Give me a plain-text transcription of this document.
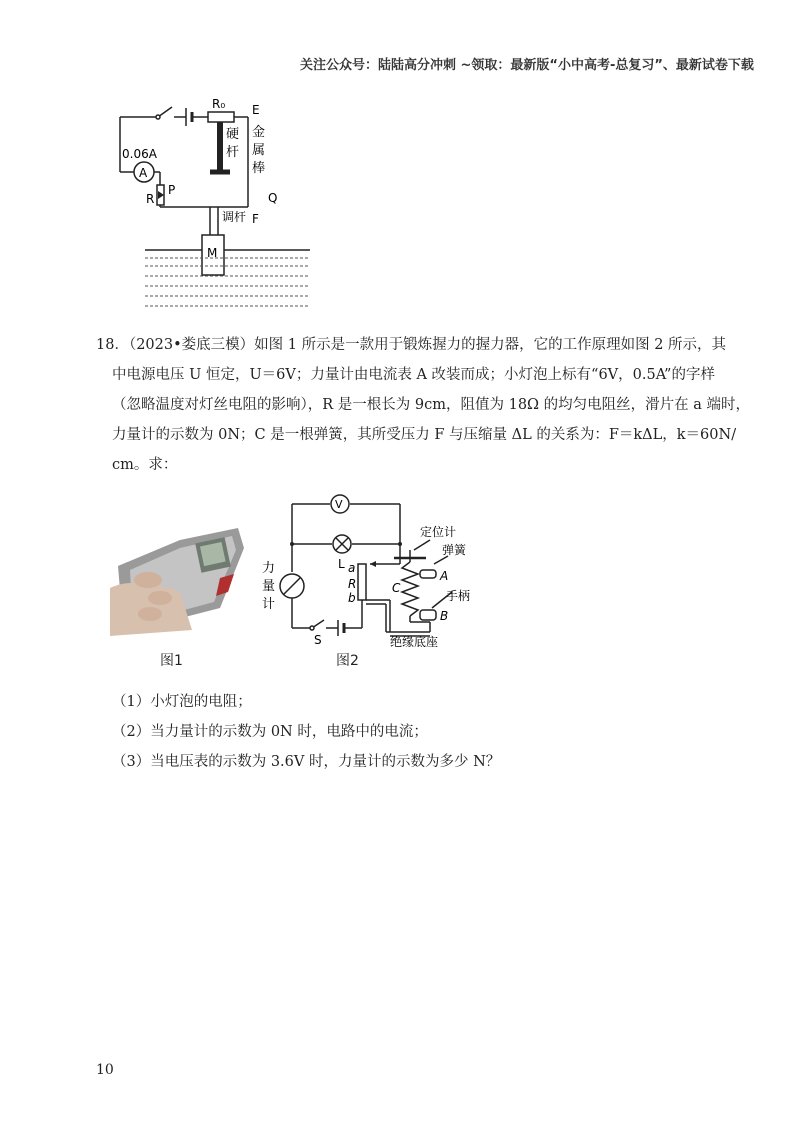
关注公众号：陆陆高分冲刺 ~领取：最新版“小中高考-总复习”、最新试卷下载
R₀ E
金
属
棒
硬
杆
0.06A
A
P
R	Q
F
调杆
M
18．（2023•娄底三模）如图 1 所示是一款用于锻炼握力的握力器，它的工作原理如图 2 所示，其
中电源电压 U 恒定，U＝6V；力量计由电流表 A 改装而成；小灯泡上标有“6V，0.5A”的字样
（忽略温度对灯丝电阻的影响），R 是一根长为 9cm，阻值为 18Ω 的均匀电阻丝，滑片在 a 端时，
力量计的示数为 0N；C 是一根弹簧，其所受压力 F 与压缩量 ΔL 的关系为：F＝kΔL，k＝60N/
cm。求：
图1
V
L
力
量
计
S
a
R
b
C
定位计
弹簧
A
手柄
B
绝缘底座
图2
（1）小灯泡的电阻；
（2）当力量计的示数为 0N 时，电路中的电流；
（3）当电压表的示数为 3.6V 时，力量计的示数为多少 N？
10
